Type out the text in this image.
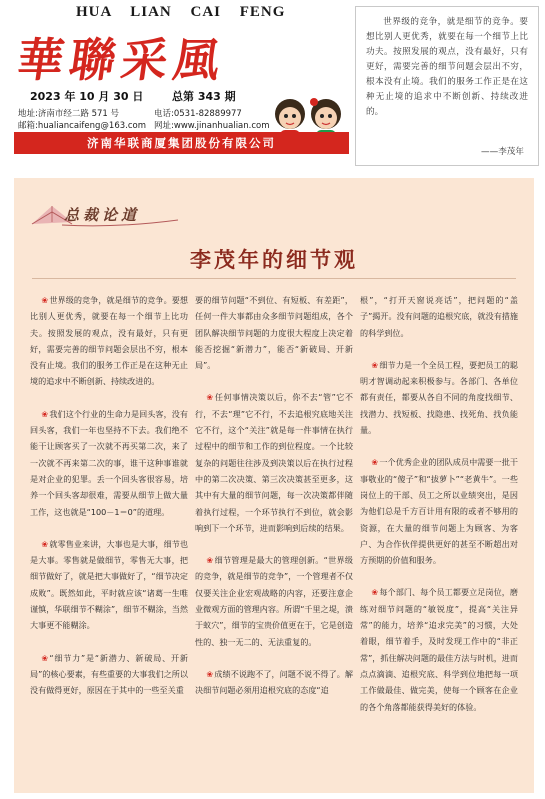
HUA LIAN CAI FENG
華聯采風
2023 年 10 月 30 日	总第 343 期
地址:济南市经二路 571 号	电话:0531-82889977
邮箱:hualiancaifeng@163.com 网址:www.jinanhualian.com
济南华联商厦集团股份有限公司

世界级的竞争，就是细节的竞争。要想比别人更优秀，就要在每一个细节上比功夫。按照发展的观点，没有最好，只有更好，需要完善的细节问题会层出不穷，根本没有止境。我们的服务工作正是在这种无止境的追求中不断创新、持续改进的。

——李茂年
总裁论道
李茂年的细节观

❀世界级的竞争，就是细节的竞争。要想比别人更优秀，就要在每一个细节上比功夫。按照发展的观点，没有最好，只有更好，需要完善的细节问题会层出不穷，根本没有止境。我们的服务工作正是在这种无止境的追求中不断创新、持续改进的。

❀我们这个行业的生命力是回头客，没有回头客，我们一年也坚持不下去。我们绝不能干让顾客买了一次就不再买第二次，来了一次就不再来第二次的事，谁干这种事谁就是对企业的犯罪。丢一个回头客很容易，培养一个回头客却很难，需要从细节上做大量工作，这也就是“100－1＝0”的道理。

❀就零售业来讲，大事也是大事，细节也是大事。零售就是做细节，零售无大事，把细节做好了，就是把大事做好了，“细节决定成败”。既然如此，平时就应该“诸葛一生唯谨慎，华联细节不糊涂”，细节不糊涂，当然大事更不能糊涂。

❀“细节力”是“新潜力、新破局、开新局”的核心要素，有些重要的大事我们之所以没有做得更好，原因在于其中的一些至关重

要的细节问题“不到位、有短板、有差距”，任何一件大事都由众多细节问题组成，各个团队解决细节问题的力度很大程度上决定着能否挖掘“新潜力”，能否“新破局、开新局”。

❀任何事情决策以后，你不去“管”它不行，不去“理”它不行，不去追根究底地关注它不行，这个“关注”就是每一件事情在执行过程中的细节和工作的到位程度。一个比较复杂的问题往往涉及到决策以后在执行过程中的第二次决策、第三次决策甚至更多，这其中有大量的细节问题，每一次决策都伴随着执行过程，一个环节执行不到位，就会影响到下一个环节，进而影响到后续的结果。

❀细节管理是最大的管理创新。“世界级的竞争，就是细节的竞争”，一个管理者不仅仅要关注企业宏观战略的内容，还要注意企业微观方面的管理内容。所谓“千里之堤，溃于蚁穴”，细节的宝贵价值更在于，它是创造性的、独一无二的、无法重复的。

❀成绩不说跑不了，问题不说不得了。解决细节问题必须用追根究底的态度“追

根”，“打开天窗说亮话”，把问题的“盖子”揭开。没有问题的追根究底，就没有措施的科学到位。

❀细节力是一个全员工程，要把员工的聪明才智调动起来积极参与。各部门、各单位都有责任，都要从各自不同的角度找细节、找潜力、找短板、找隐患、找死角、找负能量。

❀一个优秀企业的团队成员中需要一批干事敬业的“傻子”和“拔萝卜”“老黄牛”。一些岗位上的干部、员工之所以业绩突出，是因为他们总是千方百计用有限的或者不够用的资源，在大量的细节问题上为顾客、为客户、为合作伙伴提供更好的甚至不断超出对方预期的价值和服务。

❀每个部门、每个员工都要立足岗位，磨练对细节问题的“敏锐度”，提高“关注异常”的能力，培养“追求完美”的习惯，大处着眼，细节着手，及时发现工作中的“非正常”，抓住解决问题的最佳方法与时机，进而点点滴滴、追根究底、科学到位地把每一项工作做最佳、做完美，使每一个顾客在企业的各个角落都能获得美好的体验。
